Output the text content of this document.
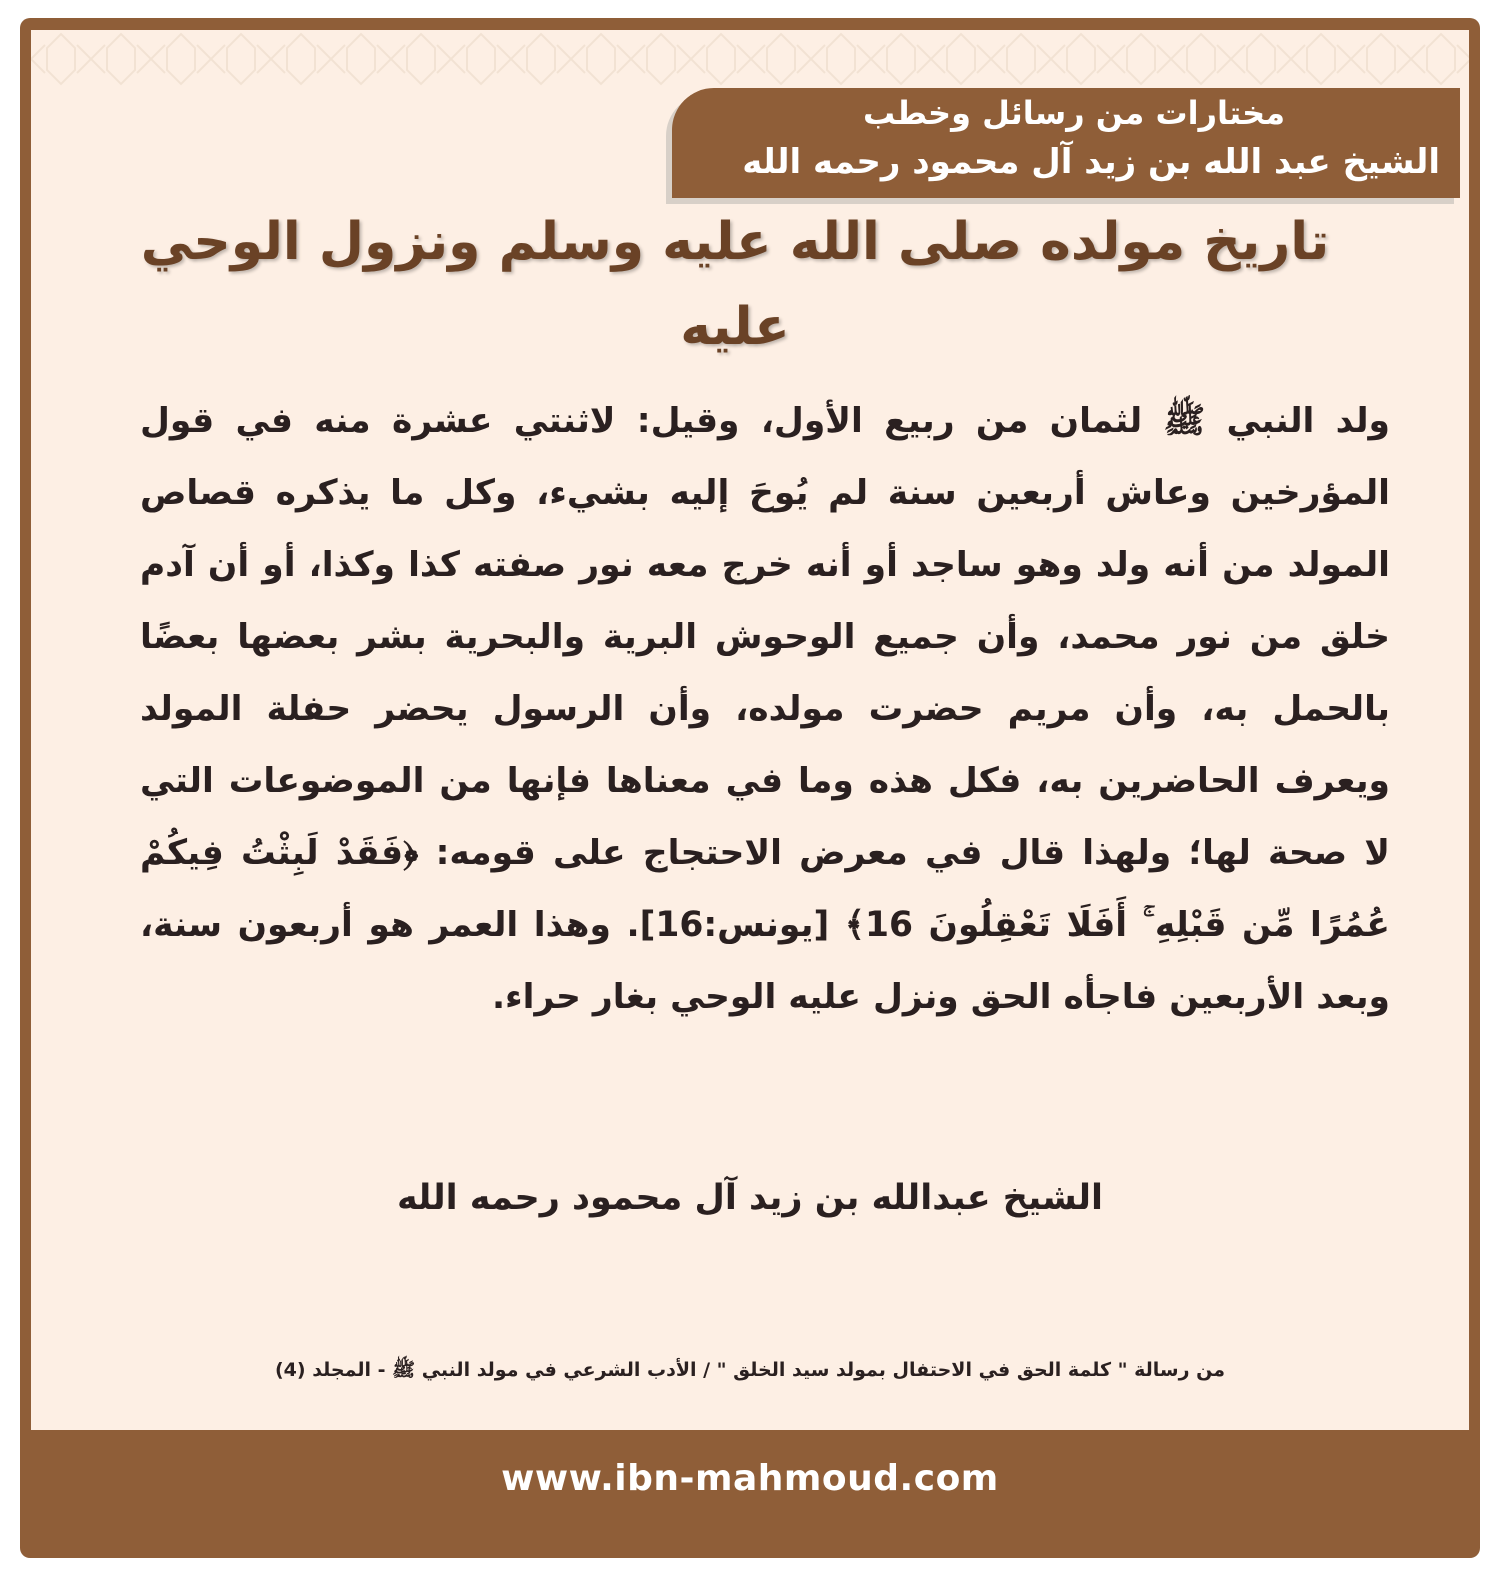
مختارات من رسائل وخطب
الشيخ عبد الله بن زيد آل محمود رحمه الله
تاريخ مولده صلى الله عليه وسلم ونزول الوحي عليه
ولد النبي ﷺ لثمان من ربيع الأول، وقيل: لاثنتي عشرة منه في قول المؤرخين وعاش أربعين سنة لم يُوحَ إليه بشيء، وكل ما يذكره قصاص المولد من أنه ولد وهو ساجد أو أنه خرج معه نور صفته كذا وكذا، أو أن آدم خلق من نور محمد، وأن جميع الوحوش البرية والبحرية بشر بعضها بعضًا بالحمل به، وأن مريم حضرت مولده، وأن الرسول يحضر حفلة المولد ويعرف الحاضرين به، فكل هذه وما في معناها فإنها من الموضوعات التي لا صحة لها؛ ولهذا قال في معرض الاحتجاج على قومه: ﴿فَقَدْ لَبِثْتُ فِيكُمْ عُمُرًا مِّن قَبْلِهِ ۚ أَفَلَا تَعْقِلُونَ 16﴾ [يونس:16]. وهذا العمر هو أربعون سنة، وبعد الأربعين فاجأه الحق ونزل عليه الوحي بغار حراء.
الشيخ عبدالله بن زيد آل محمود رحمه الله
من رسالة " كلمة الحق في الاحتفال بمولد سيد الخلق " / الأدب الشرعي في مولد النبي ﷺ - المجلد (4)
www.ibn-mahmoud.com
